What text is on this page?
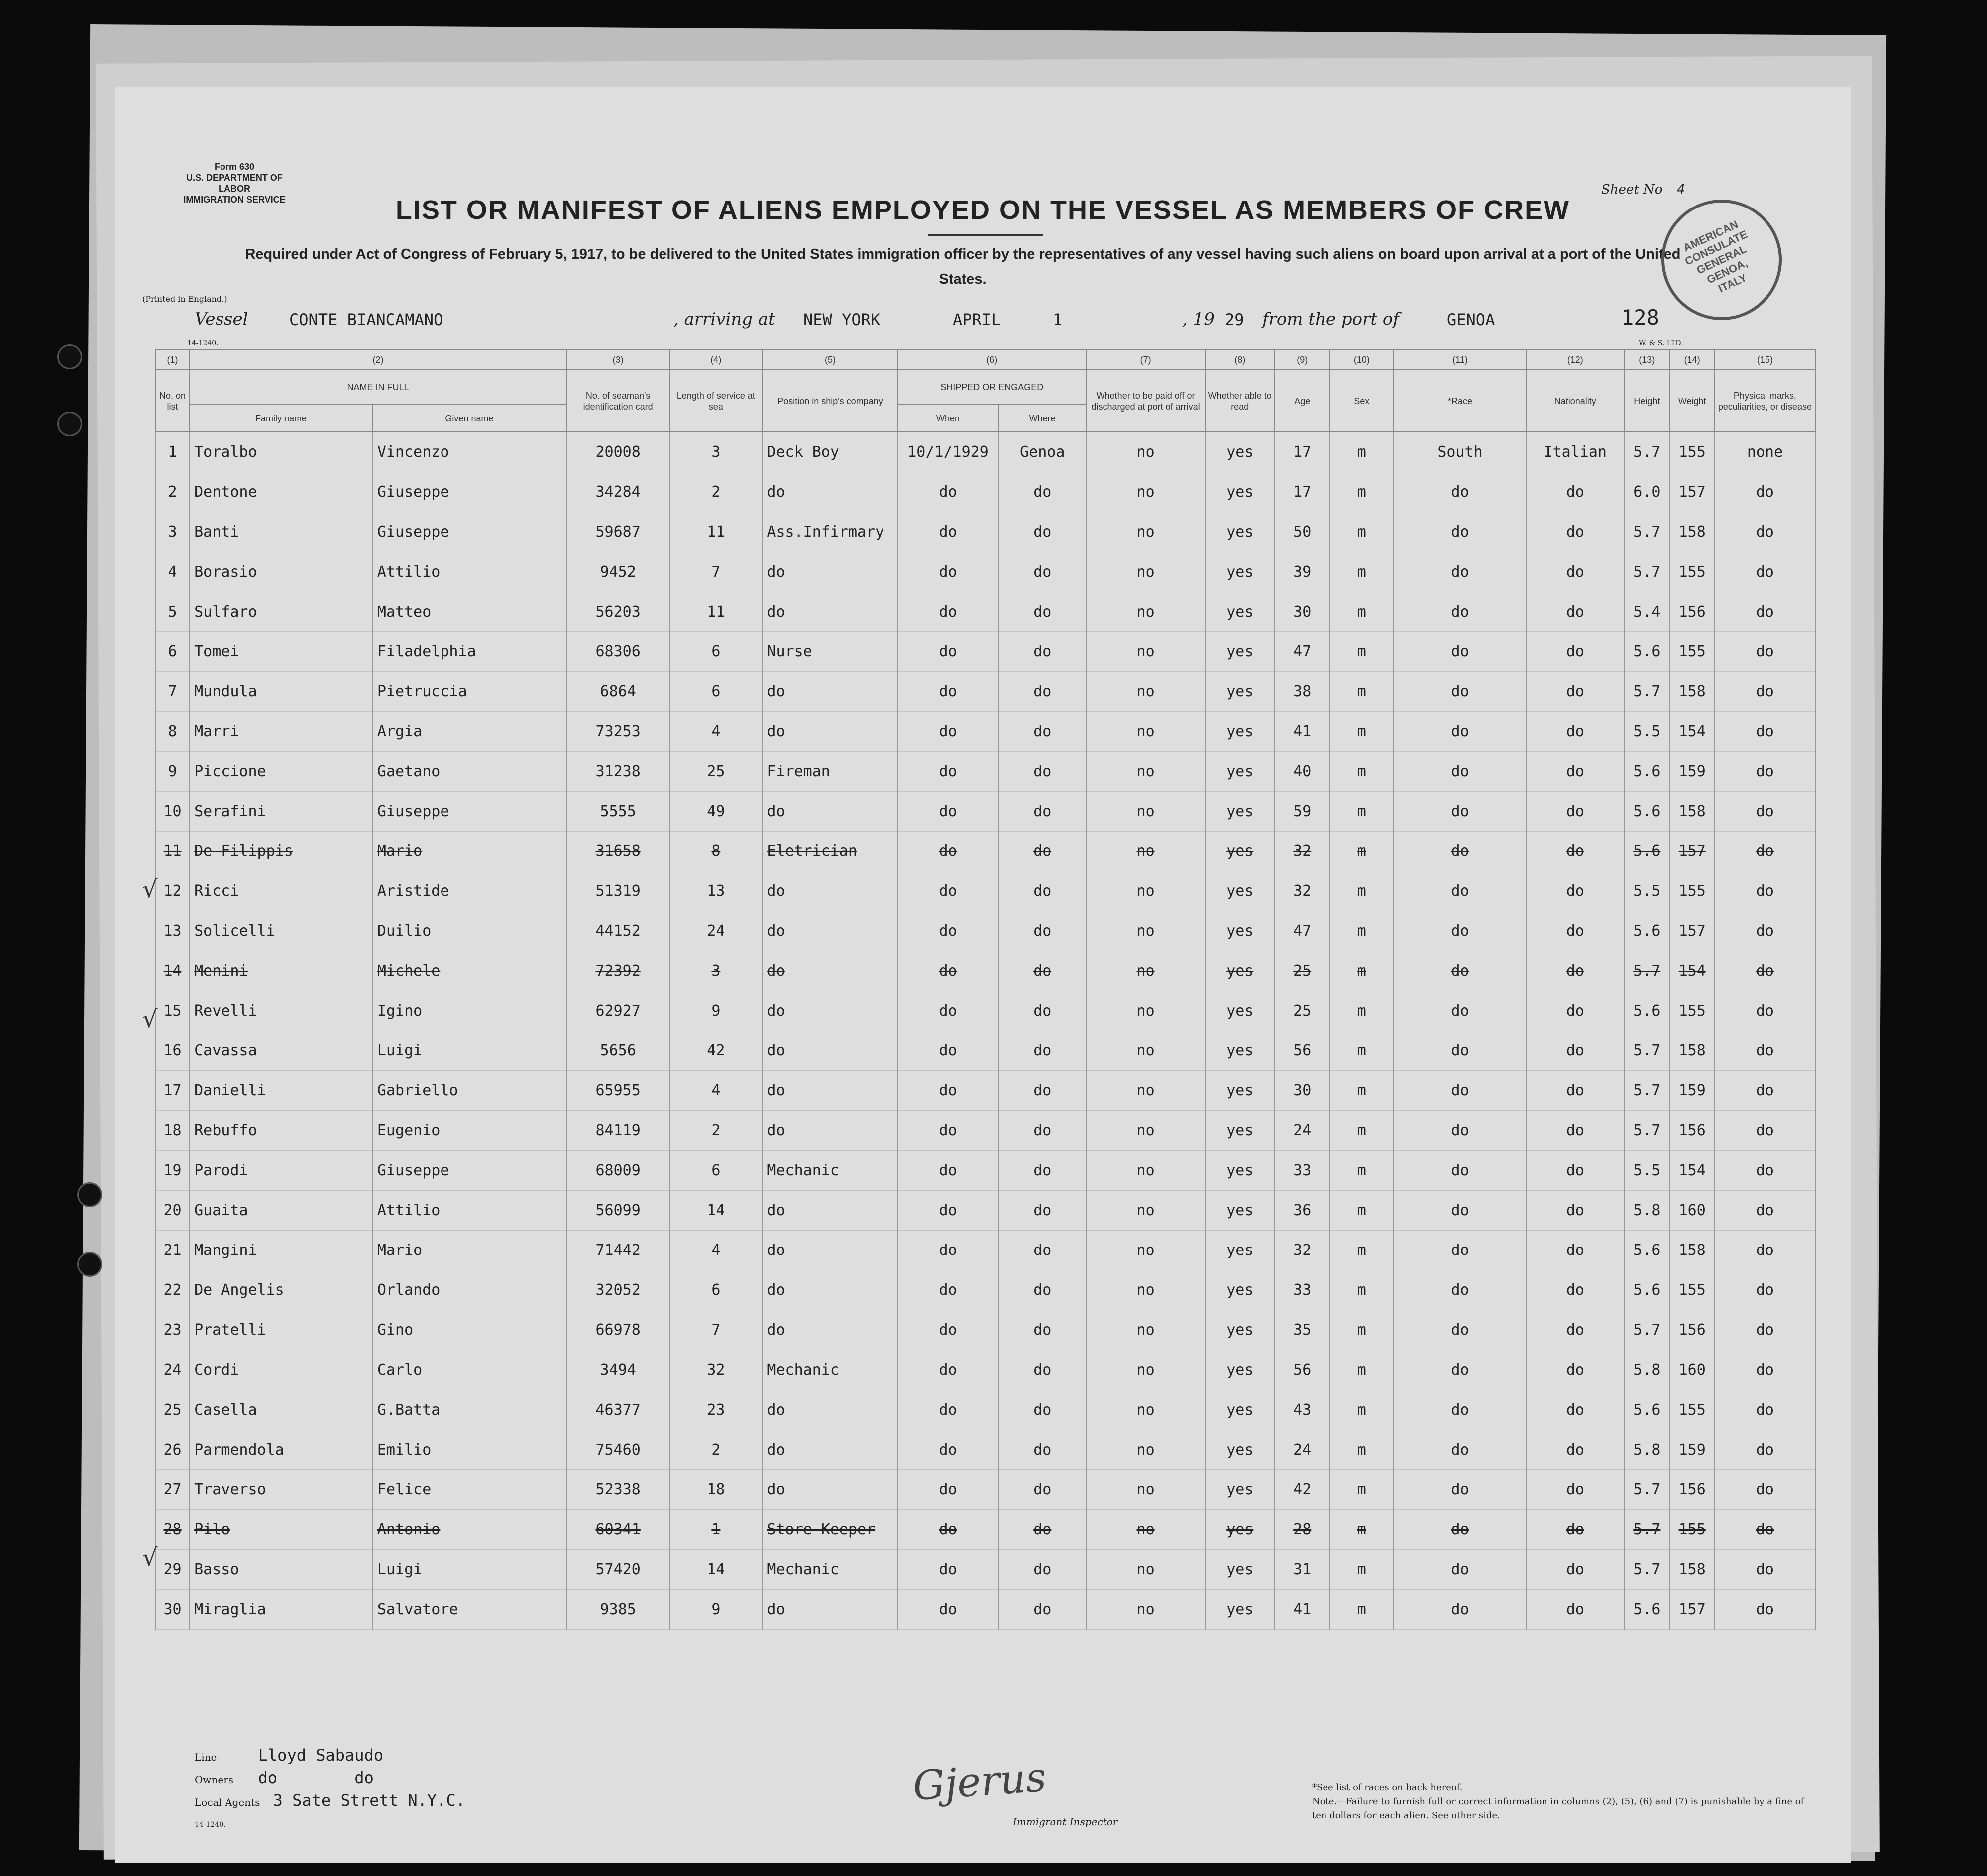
Form 630
U.S. DEPARTMENT OF LABOR
IMMIGRATION SERVICE
Sheet No 4
LIST OR MANIFEST OF ALIENS EMPLOYED ON THE VESSEL AS MEMBERS OF CREW
Required under Act of Congress of February 5, 1917, to be delivered to the United States immigration officer by the representatives of any vessel having such aliens on board upon arrival at a port of the United States.
(Printed in England.)
AMERICAN CONSULATE GENERAL GENOA, ITALY
Vessel	CONTE BIANCAMANO	, arriving at NEW YORK	APRIL	1	, 19 29 from the port of	GENOA	128
14-1240.	W. & S. LTD.
(1)	(2)		(3)	(4)	(5)	(6)		(7)	(8)	(9)	(10)	(11)	(12)	(13)	(14)	(15)
No. on list	NAME IN FULL		No. of seaman's identification card	Length of service at sea	Position in ship's company	SHIPPED OR ENGAGED		Whether to be paid off or discharged at port of arrival	Whether able to read	Age	Sex	*Race	Nationality	Height	Weight	Physical marks, peculiarities, or disease
	Family name	Given name				When	Where									
1	Toralbo	Vincenzo	20008	3	Deck Boy	10/1/1929	Genoa	no	yes	17	m	South	Italian	5.7	155	none
2	Dentone	Giuseppe	34284	2	do	do	do	no	yes	17	m	do	do	6.0	157	do
3	Banti	Giuseppe	59687	11	Ass.Infirmary	do	do	no	yes	50	m	do	do	5.7	158	do
4	Borasio	Attilio	9452	7	do	do	do	no	yes	39	m	do	do	5.7	155	do
5	Sulfaro	Matteo	56203	11	do	do	do	no	yes	30	m	do	do	5.4	156	do
6	Tomei	Filadelphia	68306	6	Nurse	do	do	no	yes	47	m	do	do	5.6	155	do
7	Mundula	Pietruccia	6864	6	do	do	do	no	yes	38	m	do	do	5.7	158	do
8	Marri	Argia	73253	4	do	do	do	no	yes	41	m	do	do	5.5	154	do
9	Piccione	Gaetano	31238	25	Fireman	do	do	no	yes	40	m	do	do	5.6	159	do
10	Serafini	Giuseppe	5555	49	do	do	do	no	yes	59	m	do	do	5.6	158	do
11	De Filippis	Mario	31658	8	Eletrician	do	do	no	yes	32	m	do	do	5.6	157	do
12	Ricci	Aristide	51319	13	do	do	do	no	yes	32	m	do	do	5.5	155	do
13	Solicelli	Duilio	44152	24	do	do	do	no	yes	47	m	do	do	5.6	157	do
14	Menini	Michele	72392	3	do	do	do	no	yes	25	m	do	do	5.7	154	do
15	Revelli	Igino	62927	9	do	do	do	no	yes	25	m	do	do	5.6	155	do
16	Cavassa	Luigi	5656	42	do	do	do	no	yes	56	m	do	do	5.7	158	do
17	Danielli	Gabriello	65955	4	do	do	do	no	yes	30	m	do	do	5.7	159	do
18	Rebuffo	Eugenio	84119	2	do	do	do	no	yes	24	m	do	do	5.7	156	do
19	Parodi	Giuseppe	68009	6	Mechanic	do	do	no	yes	33	m	do	do	5.5	154	do
20	Guaita	Attilio	56099	14	do	do	do	no	yes	36	m	do	do	5.8	160	do
21	Mangini	Mario	71442	4	do	do	do	no	yes	32	m	do	do	5.6	158	do
22	De Angelis	Orlando	32052	6	do	do	do	no	yes	33	m	do	do	5.6	155	do
23	Pratelli	Gino	66978	7	do	do	do	no	yes	35	m	do	do	5.7	156	do
24	Cordi	Carlo	3494	32	Mechanic	do	do	no	yes	56	m	do	do	5.8	160	do
25	Casella	G.Batta	46377	23	do	do	do	no	yes	43	m	do	do	5.6	155	do
26	Parmendola	Emilio	75460	2	do	do	do	no	yes	24	m	do	do	5.8	159	do
27	Traverso	Felice	52338	18	do	do	do	no	yes	42	m	do	do	5.7	156	do
28	Pilo	Antonio	60341	1	Store Keeper	do	do	no	yes	28	m	do	do	5.7	155	do
29	Basso	Luigi	57420	14	Mechanic	do	do	no	yes	31	m	do	do	5.7	158	do
30	Miraglia	Salvatore	9385	9	do	do	do	no	yes	41	m	do	do	5.6	157	do
√
√
√
Line	Lloyd Sabaudo
Owners do        do
Local Agents 3 Sate Strett N.Y.C.
14-1240.
Gjerus
Immigrant Inspector
*See list of races on back hereof.
Note.—Failure to furnish full or correct information in columns (2), (5), (6) and (7) is punishable by a fine of ten dollars for each alien. See other side.
